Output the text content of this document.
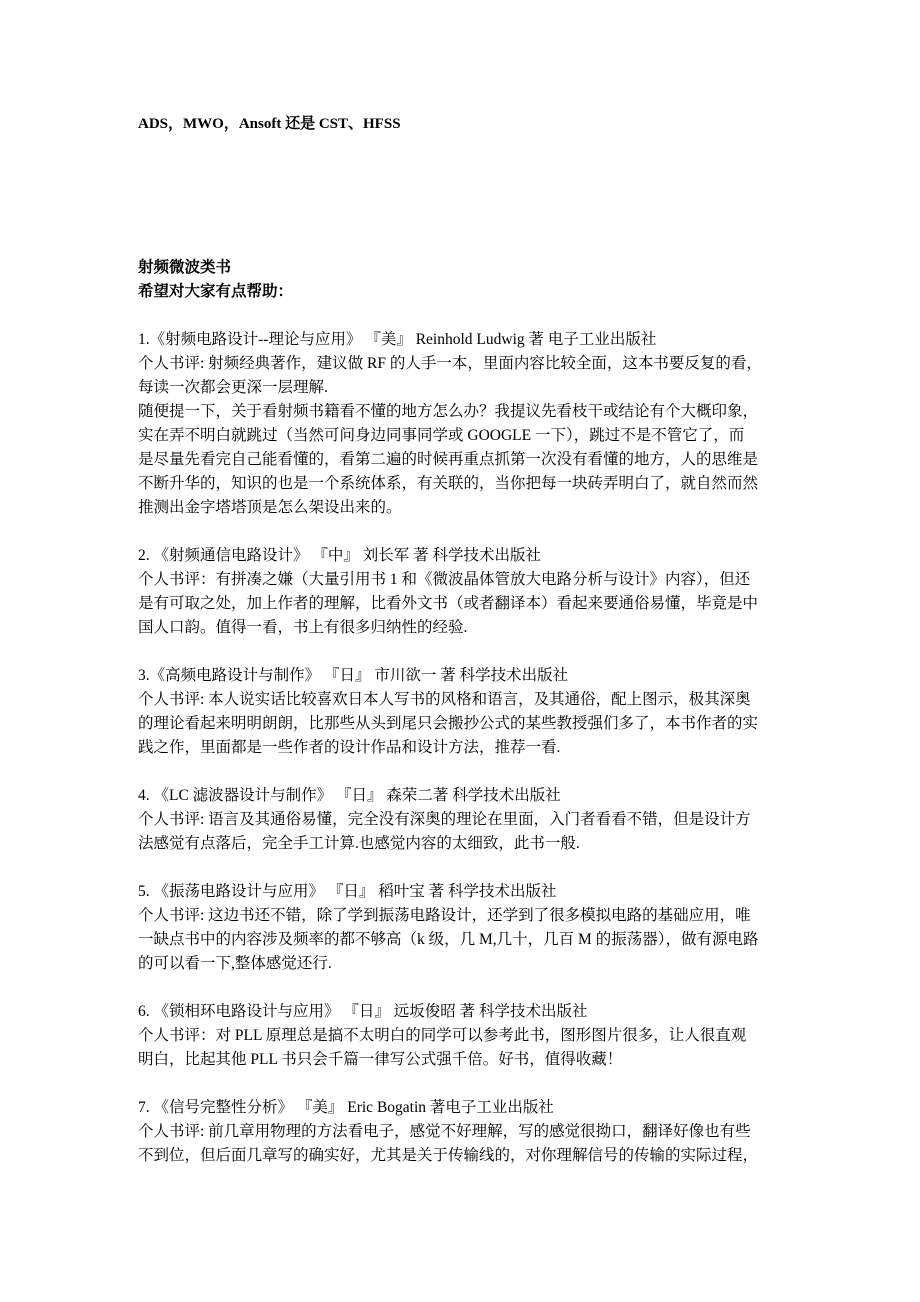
ADS，MWO，Ansoft 还是 CST、HFSS
射频微波类书
希望对大家有点帮助：
1.《射频电路设计--理论与应用》 『美』 Reinhold Ludwig 著 电子工业出版社
个人书评: 射频经典著作，建议做 RF 的人手一本，里面内容比较全面，这本书要反复的看，
每读一次都会更深一层理解.
随便提一下，关于看射频书籍看不懂的地方怎么办？我提议先看枝干或结论有个大概印象，
实在弄不明白就跳过（当然可问身边同事同学或 GOOGLE 一下），跳过不是不管它了，而
是尽量先看完自己能看懂的，看第二遍的时候再重点抓第一次没有看懂的地方，人的思维是
不断升华的，知识的也是一个系统体系，有关联的，当你把每一块砖弄明白了，就自然而然
推测出金字塔塔顶是怎么架设出来的。
2. 《射频通信电路设计》 『中』 刘长军 著 科学技术出版社
个人书评：有拼凑之嫌（大量引用书 1 和《微波晶体管放大电路分析与设计》内容），但还
是有可取之处，加上作者的理解，比看外文书（或者翻译本）看起来要通俗易懂，毕竟是中
国人口韵。值得一看，书上有很多归纳性的经验.
3.《高频电路设计与制作》 『日』 市川欲一 著 科学技术出版社
个人书评: 本人说实话比较喜欢日本人写书的风格和语言，及其通俗，配上图示，极其深奥
的理论看起来明明朗朗，比那些从头到尾只会搬抄公式的某些教授强们多了，本书作者的实
践之作，里面都是一些作者的设计作品和设计方法，推荐一看.
4. 《LC 滤波器设计与制作》 『日』 森荣二著 科学技术出版社
个人书评: 语言及其通俗易懂，完全没有深奥的理论在里面，入门者看看不错，但是设计方
法感觉有点落后，完全手工计算.也感觉内容的太细致，此书一般.
5. 《振荡电路设计与应用》 『日』 稻叶宝 著 科学技术出版社
个人书评: 这边书还不错，除了学到振荡电路设计，还学到了很多模拟电路的基础应用，唯
一缺点书中的内容涉及频率的都不够高（k 级，几 M,几十，几百 M 的振荡器），做有源电路
的可以看一下,整体感觉还行.
6. 《锁相环电路设计与应用》 『日』 远坂俊昭 著 科学技术出版社
个人书评：对 PLL 原理总是搞不太明白的同学可以参考此书，图形图片很多，让人很直观
明白，比起其他 PLL 书只会千篇一律写公式强千倍。好书，值得收藏！
7. 《信号完整性分析》 『美』 Eric Bogatin 著电子工业出版社
个人书评: 前几章用物理的方法看电子，感觉不好理解，写的感觉很拗口，翻译好像也有些
不到位，但后面几章写的确实好，尤其是关于传输线的，对你理解信号的传输的实际过程，
